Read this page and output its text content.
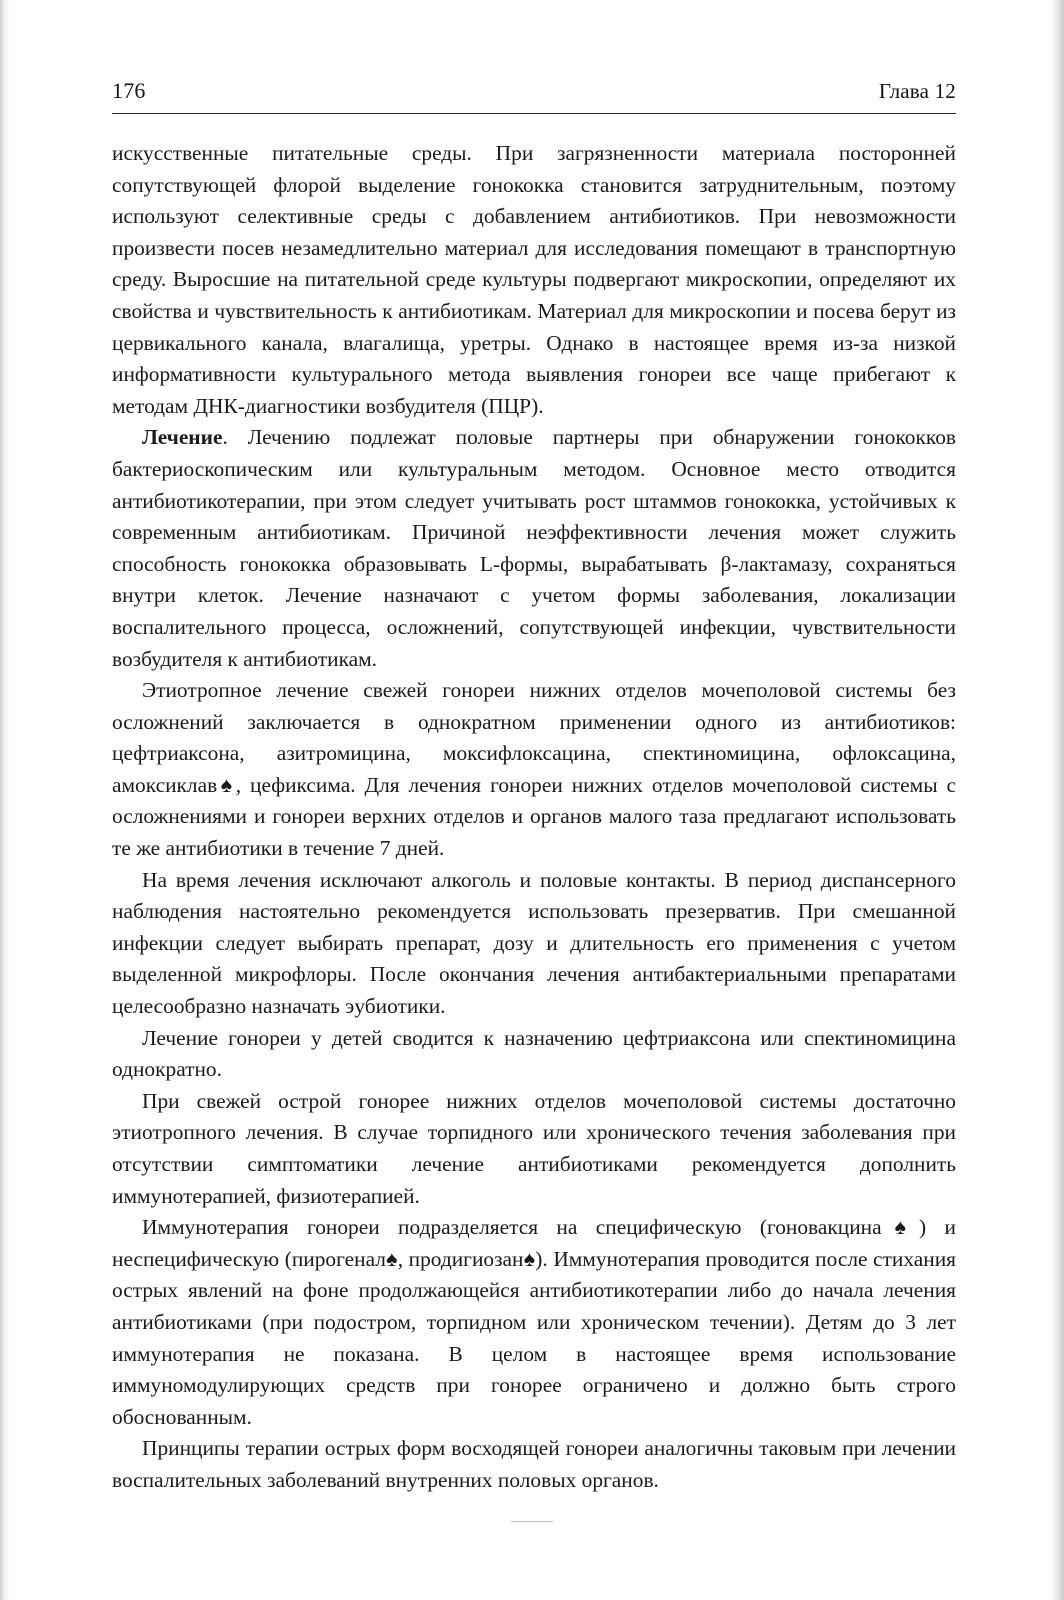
176	Глава 12

искусственные питательные среды. При загрязненности материала посторонней сопутствующей флорой выделение гонококка становится затруднительным, поэтому используют селективные среды с добавлением антибиотиков. При невозможности произвести посев незамедлительно материал для исследования помещают в транспортную среду. Выросшие на питательной среде культуры подвергают микроскопии, определяют их свойства и чувствительность к антибиотикам. Материал для микроскопии и посева берут из цервикального канала, влагалища, уретры. Однако в настоящее время из-за низкой информативности культурального метода выявления гонореи все чаще прибегают к методам ДНК-диагностики возбудителя (ПЦР).

Лечение. Лечению подлежат половые партнеры при обнаружении гонококков бактериоскопическим или культуральным методом. Основное место отводится антибиотикотерапии, при этом следует учитывать рост штаммов гонококка, устойчивых к современным антибиотикам. Причиной неэффективности лечения может служить способность гонококка образовывать L-формы, вырабатывать β-лактамазу, сохраняться внутри клеток. Лечение назначают с учетом формы заболевания, локализации воспалительного процесса, осложнений, сопутствующей инфекции, чувствительности возбудителя к антибиотикам.

Этиотропное лечение свежей гонореи нижних отделов мочеполовой системы без осложнений заключается в однократном применении одного из антибиотиков: цефтриаксона, азитромицина, моксифлоксацина, спектиномицина, офлоксацина, амоксиклав♠, цефиксима. Для лечения гонореи нижних отделов мочеполовой системы с осложнениями и гонореи верхних отделов и органов малого таза предлагают использовать те же антибиотики в течение 7 дней.

На время лечения исключают алкоголь и половые контакты. В период диспансерного наблюдения настоятельно рекомендуется использовать презерватив. При смешанной инфекции следует выбирать препарат, дозу и длительность его применения с учетом выделенной микрофлоры. После окончания лечения антибактериальными препаратами целесообразно назначать эубиотики.

Лечение гонореи у детей сводится к назначению цефтриаксона или спектиномицина однократно.

При свежей острой гонорее нижних отделов мочеполовой системы достаточно этиотропного лечения. В случае торпидного или хронического течения заболевания при отсутствии симптоматики лечение антибиотиками рекомендуется дополнить иммунотерапией, физиотерапией.

Иммунотерапия гонореи подразделяется на специфическую (гоновакцина♠) и неспецифическую (пирогенал♠, продигиозан♠). Иммунотерапия проводится после стихания острых явлений на фоне продолжающейся антибиотикотерапии либо до начала лечения антибиотиками (при подостром, торпидном или хроническом течении). Детям до 3 лет иммунотерапия не показана. В целом в настоящее время использование иммуномодулирующих средств при гонорее ограничено и должно быть строго обоснованным.

Принципы терапии острых форм восходящей гонореи аналогичны таковым при лечении воспалительных заболеваний внутренних половых органов.
